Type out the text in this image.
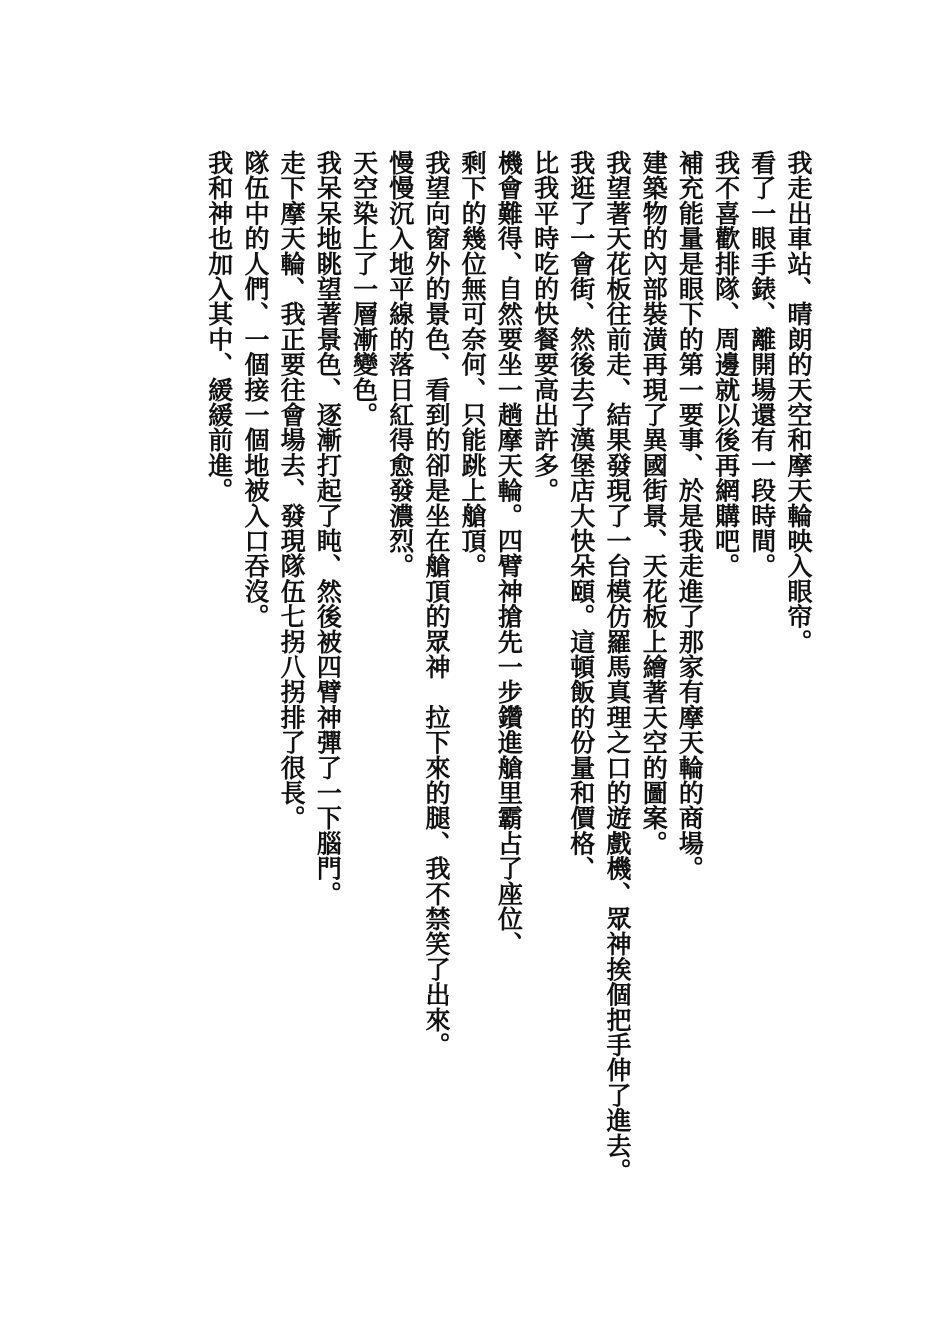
我走出車站、晴朗的天空和摩天輪映入眼帘。
看了一眼手錶、離開場還有一段時間。
我不喜歡排隊、周邊就以後再網購吧。
補充能量是眼下的第一要事、於是我走進了那家有摩天輪的商場。
建築物的內部裝潢再現了異國街景、天花板上繪著天空的圖案。
我望著天花板往前走、結果發現了一台模仿羅馬真理之口的遊戲機、眾神挨個把手伸了進去。
我逛了一會街、然後去了漢堡店大快朵頤。這頓飯的份量和價格、
比我平時吃的快餐要高出許多。
機會難得、自然要坐一趟摩天輪。四臂神搶先一步鑽進艙里霸占了座位、
剩下的幾位無可奈何、只能跳上艙頂。
我望向窗外的景色、看到的卻是坐在艙頂的眾神　拉下來的腿、我不禁笑了出來。
慢慢沉入地平線的落日紅得愈發濃烈。
天空染上了一層漸變色。
我呆呆地眺望著景色、逐漸打起了盹、然後被四臂神彈了一下腦門。
走下摩天輪、我正要往會場去、發現隊伍七拐八拐排了很長。
隊伍中的人們、一個接一個地被入口吞沒。
我和神也加入其中、緩緩前進。
